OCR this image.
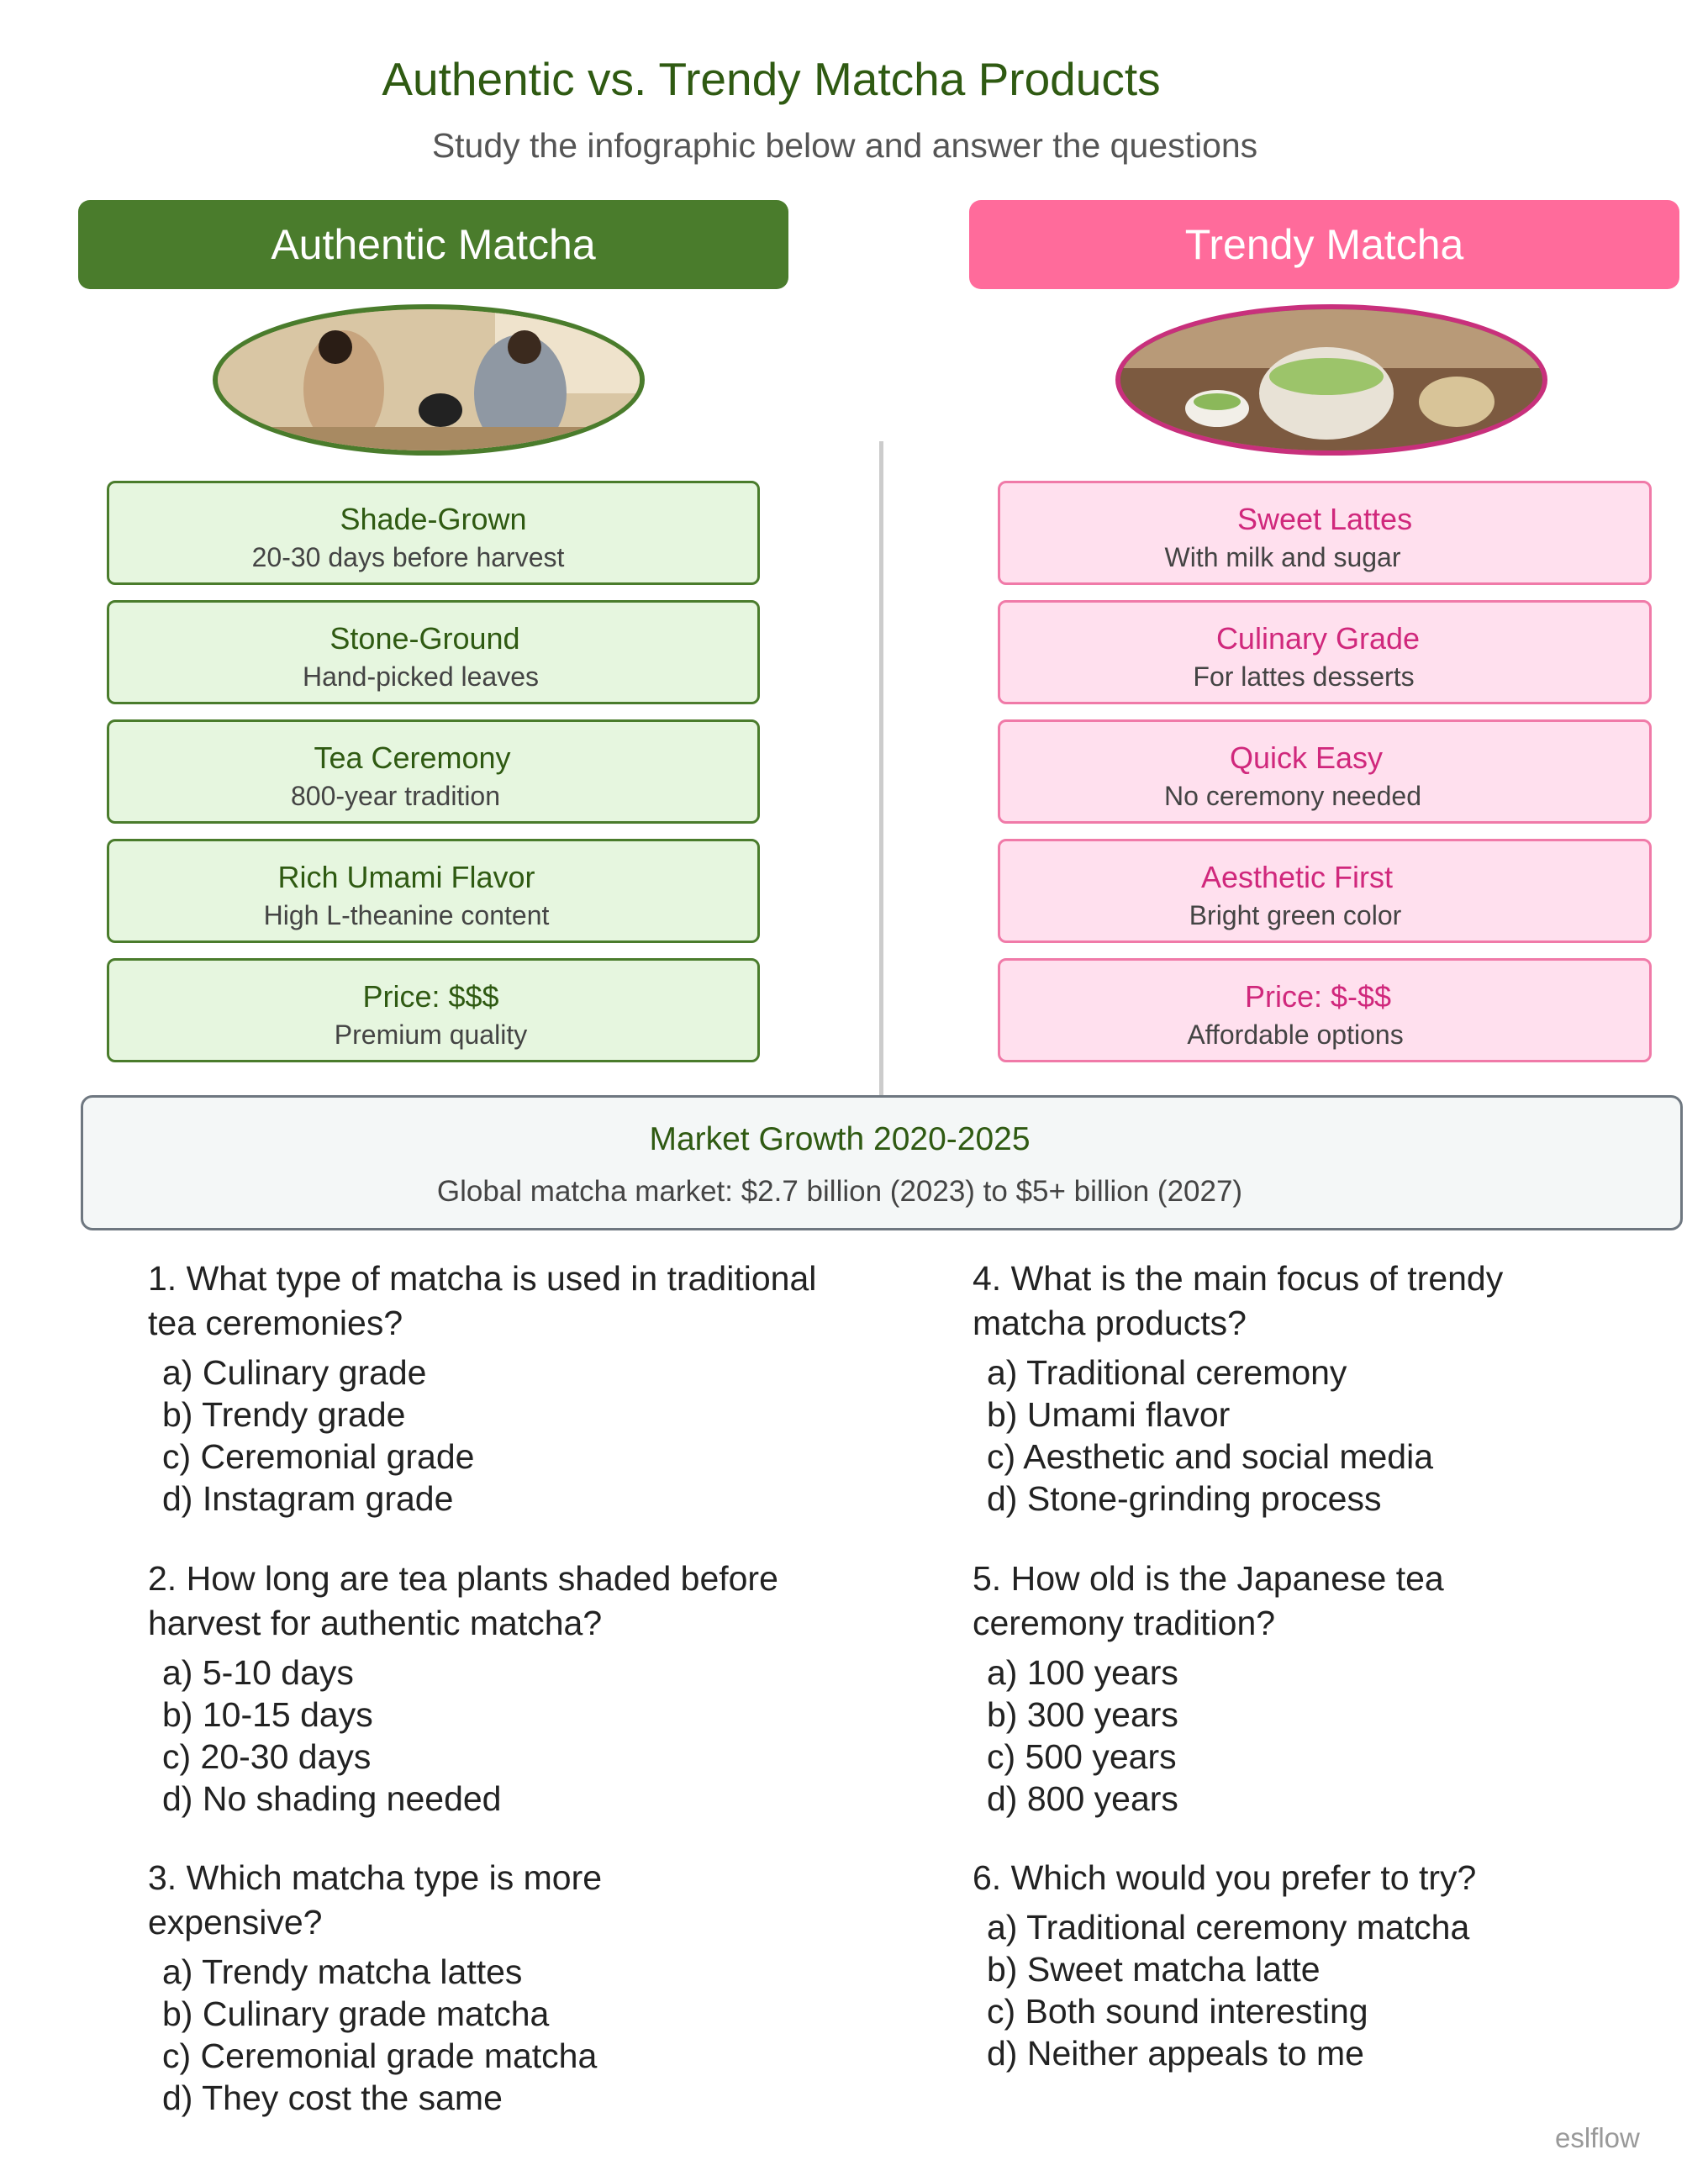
Authentic vs. Trendy Matcha Products
Study the infographic below and answer the questions
Authentic Matcha	Trendy Matcha
Shade-Grown
20-30 days before harvest
Stone-Ground
Hand-picked leaves
Tea Ceremony
800-year tradition
Rich Umami Flavor
High L-theanine content
Price: $$$
Premium quality
Sweet Lattes
With milk and sugar
Culinary Grade
For lattes desserts
Quick Easy
No ceremony needed
Aesthetic First
Bright green color
Price: $-$$
Affordable options
Market Growth 2020-2025
Global matcha market: $2.7 billion (2023) to $5+ billion (2027)
1. What type of matcha is used in traditional tea ceremonies?
a) Culinary grade
b) Trendy grade
c) Ceremonial grade
d) Instagram grade
2. How long are tea plants shaded before harvest for authentic matcha?
a) 5-10 days
b) 10-15 days
c) 20-30 days
d) No shading needed
3. Which matcha type is more expensive?
a) Trendy matcha lattes
b) Culinary grade matcha
c) Ceremonial grade matcha
d) They cost the same
4. What is the main focus of trendy matcha products?
a) Traditional ceremony
b) Umami flavor
c) Aesthetic and social media
d) Stone-grinding process
5. How old is the Japanese tea ceremony tradition?
a) 100 years
b) 300 years
c) 500 years
d) 800 years
6. Which would you prefer to try?
a) Traditional ceremony matcha
b) Sweet matcha latte
c) Both sound interesting
d) Neither appeals to me
eslflow
